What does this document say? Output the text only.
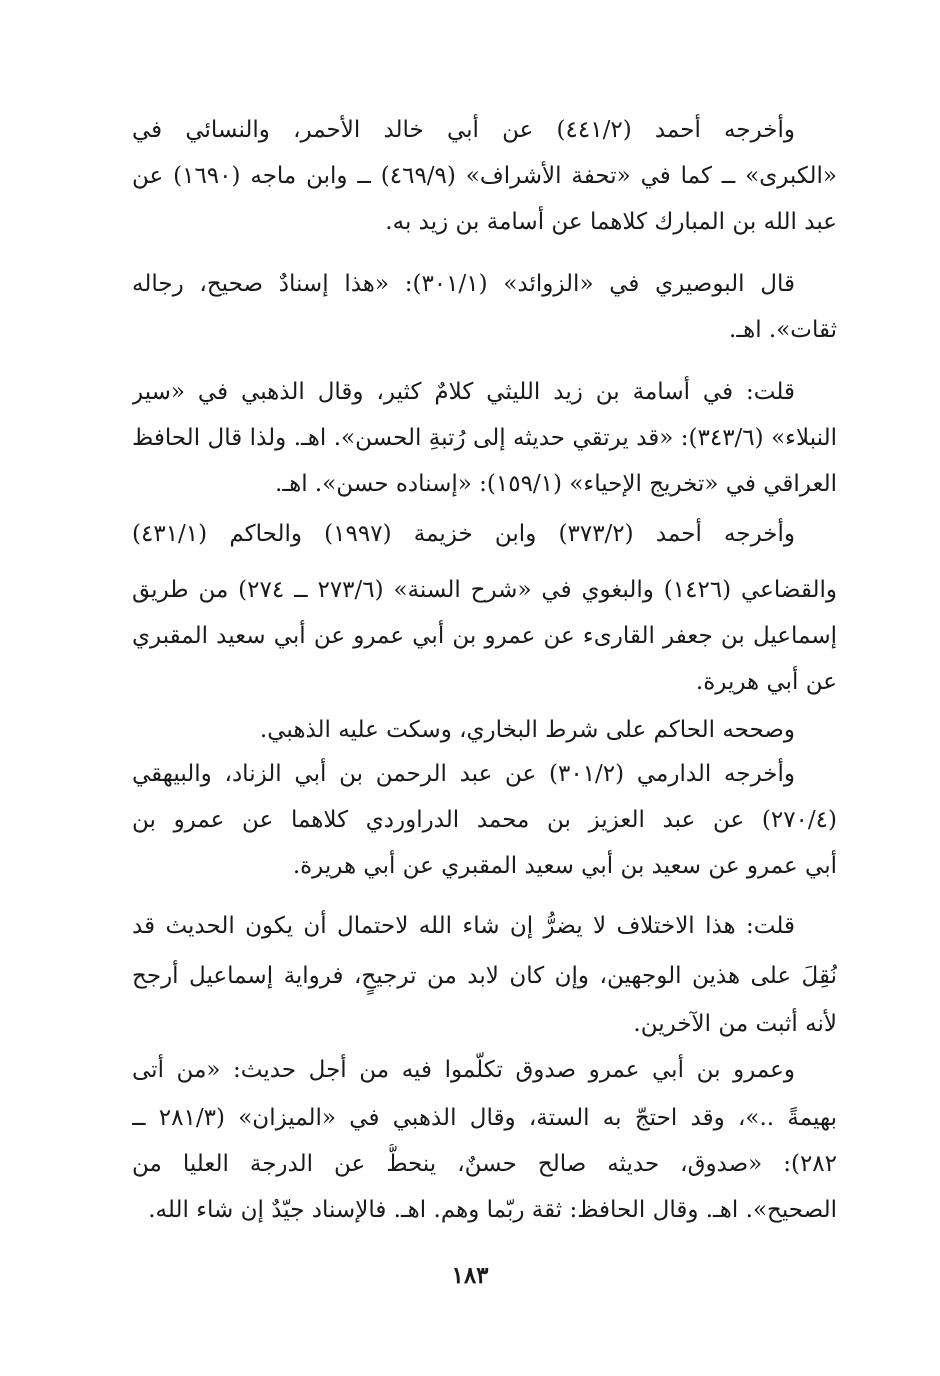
وأخرجه أحمد (٤٤١/٢) عن أبي خالد الأحمر، والنسائي في
«الكبرى» ــ كما في «تحفة الأشراف» (٤٦٩/٩) ــ وابن ماجه (١٦٩٠) عن
عبد الله بن المبارك كلاهما عن أسامة بن زيد به.
قال البوصيري في «الزوائد» (٣٠١/١): «هذا إسنادٌ صحيح، رجاله
ثقات». اهـ.
قلت: في أسامة بن زيد الليثي كلامٌ كثير، وقال الذهبي في «سير
النبلاء» (٣٤٣/٦): «قد يرتقي حديثه إلى رُتبةِ الحسن». اهـ. ولذا قال الحافظ
العراقي في «تخريج الإحياء» (١٥٩/١): «إسناده حسن». اهـ.
وأخرجه أحمد (٣٧٣/٢) وابن خزيمة (١٩٩٧) والحاكم (٤٣١/١)
والقضاعي (١٤٢٦) والبغوي في «شرح السنة» (٢٧٣/٦ ــ ٢٧٤) من طريق
إسماعيل بن جعفر القارىء عن عمرو بن أبي عمرو عن أبي سعيد المقبري
عن أبي هريرة.
وصححه الحاكم على شرط البخاري، وسكت عليه الذهبي.
وأخرجه الدارمي (٣٠١/٢) عن عبد الرحمن بن أبي الزناد، والبيهقي
(٢٧٠/٤) عن عبد العزيز بن محمد الدراوردي كلاهما عن عمرو بن
أبي عمرو عن سعيد بن أبي سعيد المقبري عن أبي هريرة.
قلت: هذا الاختلاف لا يضرُّ إن شاء الله لاحتمال أن يكون الحديث قد
نُقِلَ على هذين الوجهين، وإن كان لابد من ترجيحٍ، فرواية إسماعيل أرجح
لأنه أثبت من الآخرين.
وعمرو بن أبي عمرو صدوق تكلّموا فيه من أجل حديث: «من أتى
بهيمةً ..»، وقد احتجّ به الستة، وقال الذهبي في «الميزان» (٢٨١/٣ ــ
٢٨٢): «صدوق، حديثه صالح حسنٌ، ينحطُّ عن الدرجة العليا من
الصحيح». اهـ. وقال الحافظ: ثقة ربّما وهم. اهـ. فالإسناد جيّدٌ إن شاء الله.
١٨٣
